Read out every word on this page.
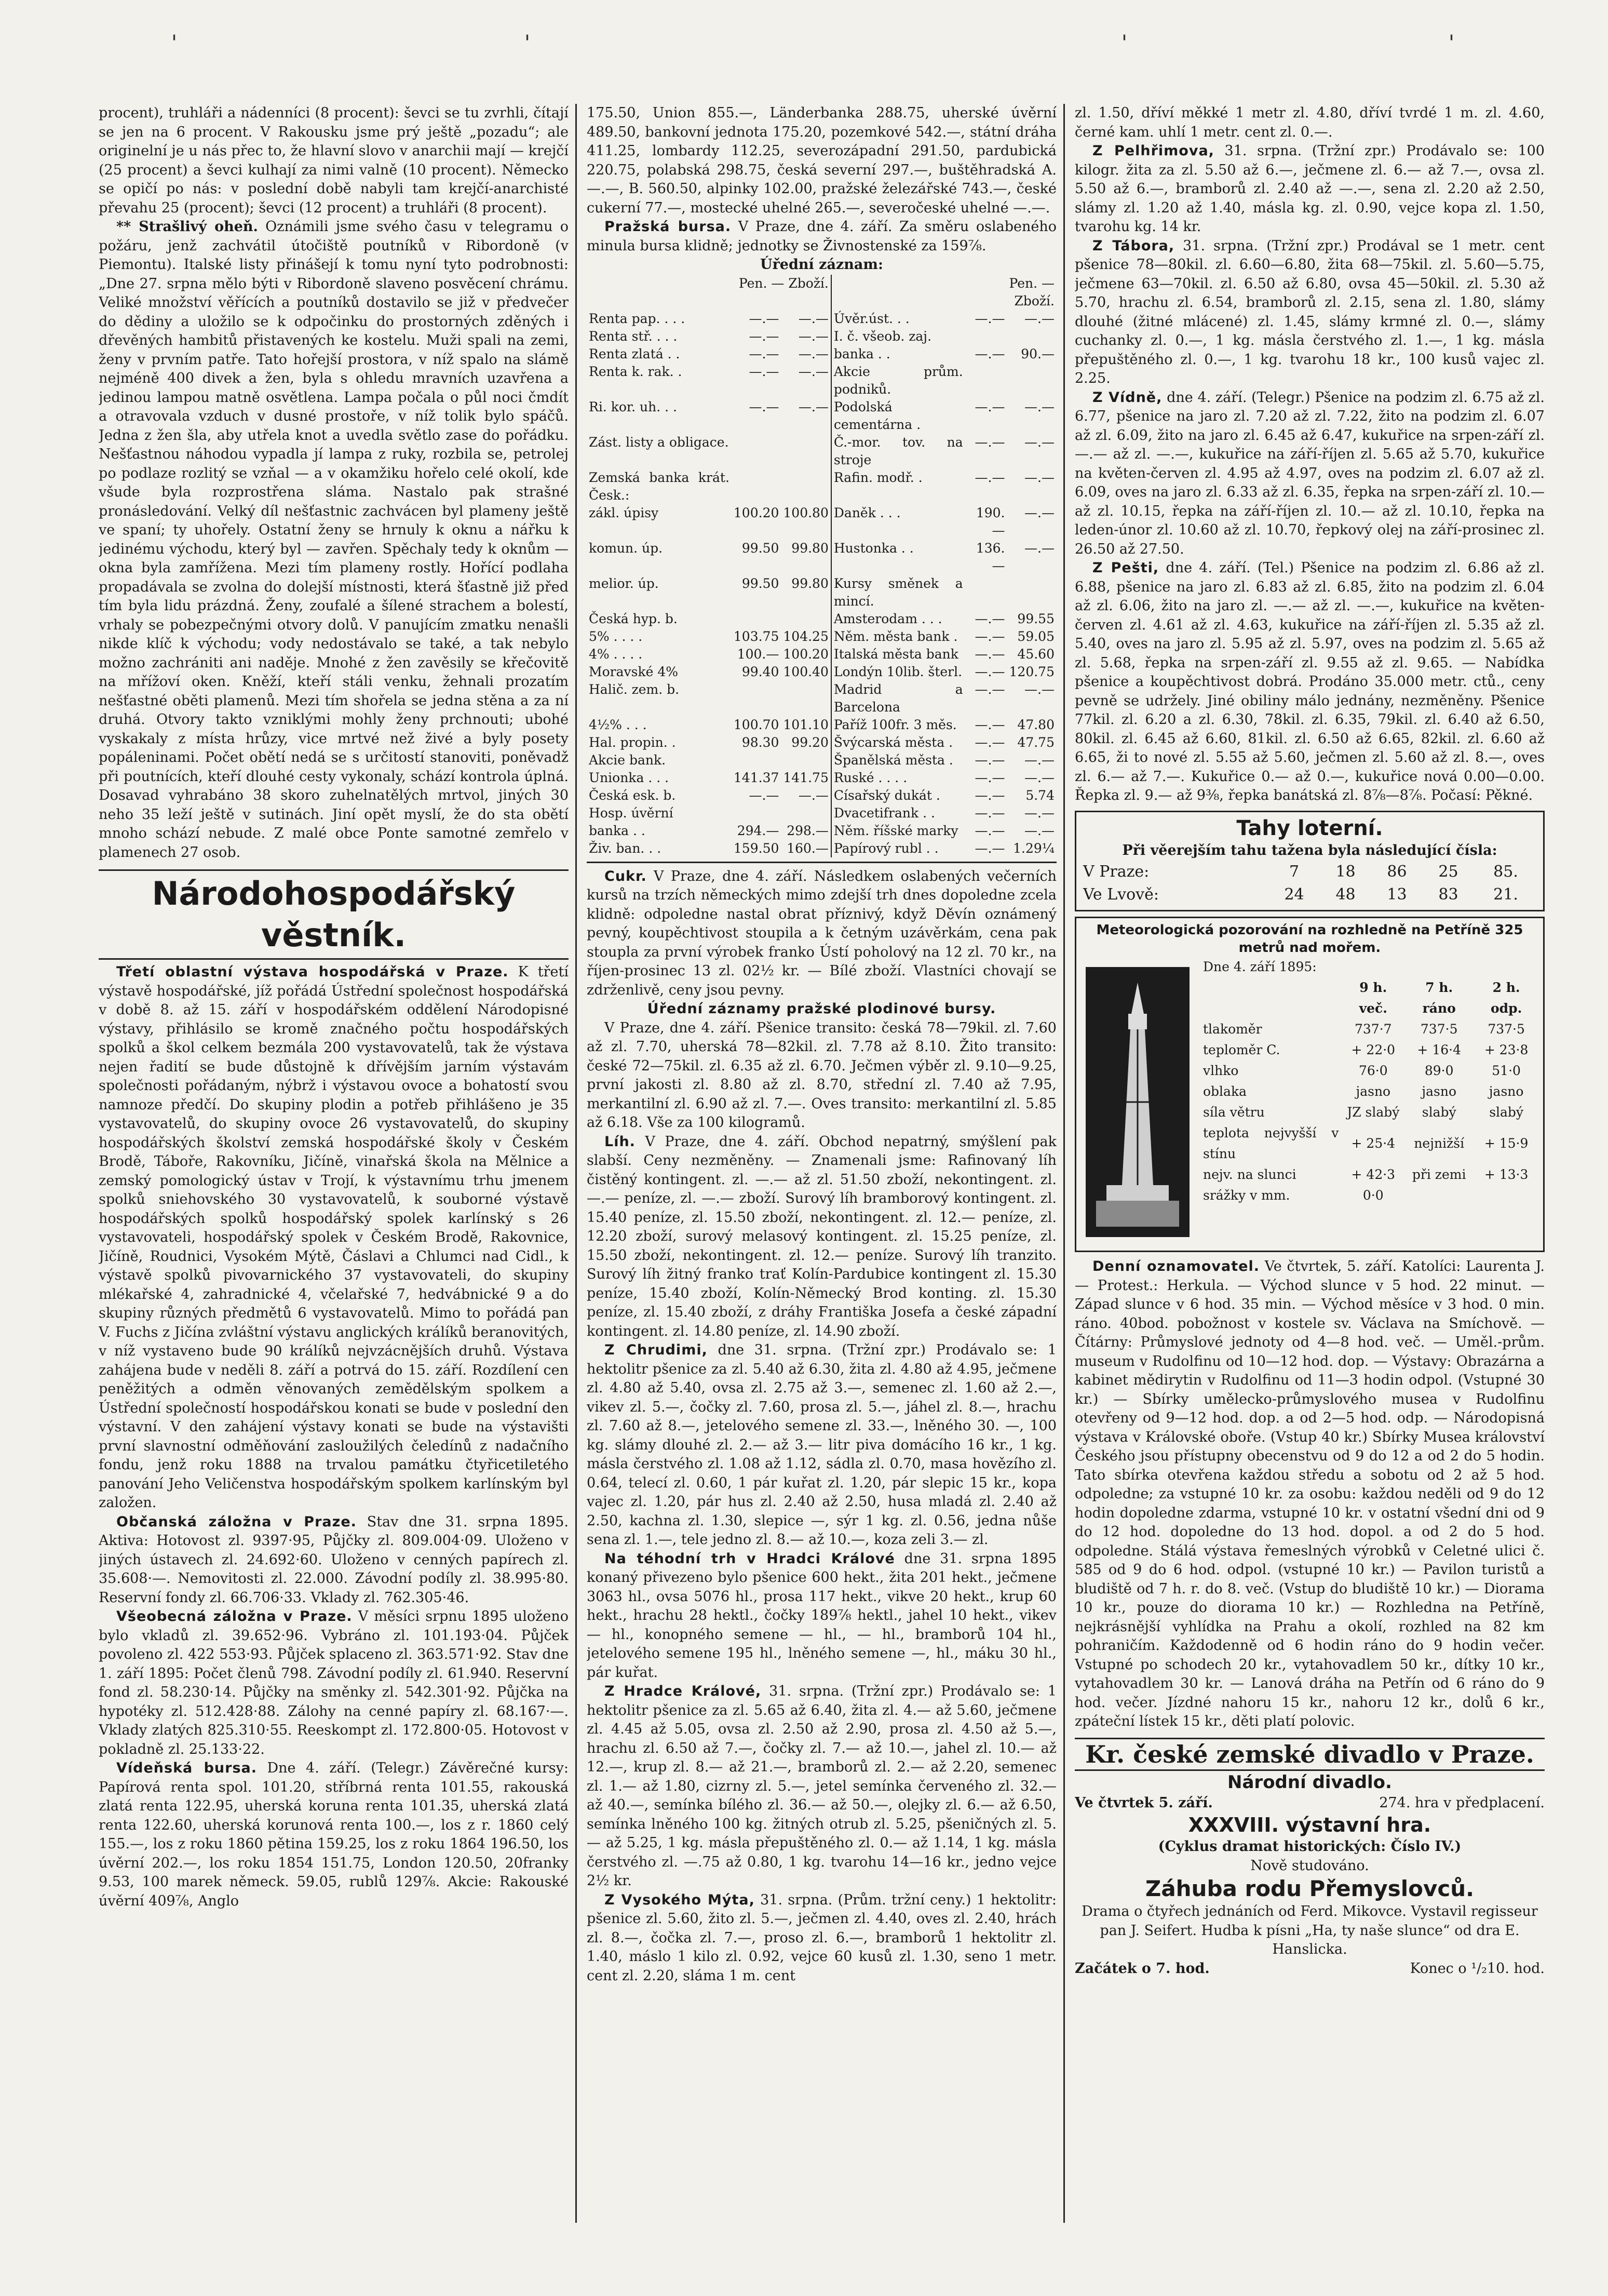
'	'	'	'

procent), truhláři a nádenníci (8 procent): ševci se tu zvrhli, čítají se jen na 6 procent. V Rakousku jsme prý ještě „pozadu“; ale originelní je u nás přec to, že hlavní slovo v anarchii mají — krejčí (25 procent) a ševci kulhají za nimi valně (10 procent). Německo se opičí po nás: v poslední době nabyli tam krejčí-anarchisté převahu 25 (procent); ševci (12 procent) a truhláři (8 procent).

** Strašlivý oheň. Oznámili jsme svého času v telegramu o požáru, jenž zachvátil útočiště poutníků v Ribordoně (v Piemontu). Italské listy přinášejí k tomu nyní tyto podrobnosti: „Dne 27. srpna mělo býti v Ribordoně slaveno posvěcení chrámu. Veliké množství věřících a poutníků dostavilo se již v předvečer do dědiny a uložilo se k odpočinku do prostorných zděných i dřevěných hambitů přistavených ke kostelu. Muži spali na zemi, ženy v prvním patře. Tato hořejší prostora, v níž spalo na slámě nejméně 400 divek a žen, byla s ohledu mravních uzavřena a jedinou lampou matně osvětlena. Lampa počala o půl noci čmdít a otravovala vzduch v dusné prostoře, v níž tolik bylo spáčů. Jedna z žen šla, aby utřela knot a uvedla světlo zase do pořádku. Nešťastnou náhodou vypadla jí lampa z ruky, rozbila se, petrolej po podlaze rozlitý se vzňal — a v okamžiku hořelo celé okolí, kde všude byla rozprostřena sláma. Nastalo pak strašné pronásledování. Velký díl nešťastnic zachvácen byl plameny ještě ve spaní; ty uhořely. Ostatní ženy se hrnuly k oknu a nářku k jedinému východu, který byl — zavřen. Spěchaly tedy k oknům — okna byla zamřížena. Mezi tím plameny rostly. Hořící podlaha propadávala se zvolna do dolejší místnosti, která šťastně již před tím byla lidu prázdná. Ženy, zoufalé a šílené strachem a bolestí, vrhaly se pobezpečnými otvory dolů. V panujícím zmatku nenašli nikde klíč k východu; vody nedostávalo se také, a tak nebylo možno zachrániti ani naděje. Mnohé z žen zavěsily se křečovitě na mřížoví oken. Kněží, kteří stáli venku, žehnali prozatím nešťastné oběti plamenů. Mezi tím shořela se jedna stěna a za ní druhá. Otvory takto vzniklými mohly ženy prchnouti; ubohé vyskakaly z místa hrůzy, vice mrtvé než živé a byly posety popáleninami. Počet obětí nedá se s určitostí stanoviti, poněvadž při poutnících, kteří dlouhé cesty vykonaly, schází kontrola úplná. Dosavad vyhrabáno 38 skoro zuhelnatělých mrtvol, jiných 30 neho 35 leží ještě v sutinách. Jiní opět myslí, že do sta obětí mnoho schází nebude. Z malé obce Ponte samotné zemřelo v plamenech 27 osob.

Národohospodářský věstník.

Třetí oblastní výstava hospodářská v Praze. K třetí výstavě hospodářské, jíž pořádá Ústřední společnost hospodářská v době 8. až 15. září v hospodářském oddělení Národopisné výstavy, přihlásilo se kromě značného počtu hospodářských spolků a škol celkem bezmála 200 vystavovatelů, tak že výstava nejen řadití se bude důstojně k dřívějším jarním výstavám společnosti pořádaným, nýbrž i výstavou ovoce a bohatostí svou namnoze předčí. Do skupiny plodin a potřeb přihlášeno je 35 vystavovatelů, do skupiny ovoce 26 vystavovatelů, do skupiny hospodářských školství zemská hospodářské školy v Českém Brodě, Táboře, Rakovníku, Jičíně, vinařská škola na Mělnice a zemský pomologický ústav v Trojí, k výstavnímu trhu jmenem spolků sniehovského 30 vystavovatelů, k souborné výstavě hospodářských spolků hospodářský spolek karlínský s 26 vystavovateli, hospodářský spolek v Českém Brodě, Rakovnice, Jičíně, Roudnici, Vysokém Mýtě, Čáslavi a Chlumci nad Cidl., k výstavě spolků pivovarnického 37 vystavovateli, do skupiny mlékařské 4, zahradnické 4, včelařské 7, hedvábnické 9 a do skupiny různých předmětů 6 vystavovatelů. Mimo to pořádá pan V. Fuchs z Jičína zvláštní výstavu anglických králíků beranovitých, v níž vystaveno bude 90 králíků nejvzácnějších druhů. Výstava zahájena bude v neděli 8. září a potrvá do 15. září. Rozdílení cen peněžitých a odměn věnovaných zemědělským spolkem a Ústřední společností hospodářskou konati se bude v poslední den výstavní. V den zahájení výstavy konati se bude na výstavišti první slavnostní odměňování zasloužilých čeledínů z nadačního fondu, jenž roku 1888 na trvalou památku čtyřicetiletého panování Jeho Veličenstva hospodářským spolkem karlínským byl založen.

Občanská záložna v Praze. Stav dne 31. srpna 1895. Aktiva: Hotovost zl. 9397·95, Půjčky zl. 809.004·09. Uloženo v jiných ústavech zl. 24.692·60. Uloženo v cenných papírech zl. 35.608·—. Nemovitosti zl. 22.000. Závodní podíly zl. 38.995·80. Reservní fondy zl. 66.706·33. Vklady zl. 762.305·46.

Všeobecná záložna v Praze. V měsíci srpnu 1895 uloženo bylo vkladů zl. 39.652·96. Vybráno zl. 101.193·04. Půjček povoleno zl. 422 553·93. Půjček splaceno zl. 363.571·92. Stav dne 1. září 1895: Počet členů 798. Závodní podíly zl. 61.940. Reservní fond zl. 58.230·14. Půjčky na směnky zl. 542.301·92. Půjčka na hypotéky zl. 512.428·88. Zálohy na cenné papíry zl. 68.167·—. Vklady zlatých 825.310·55. Reeskompt zl. 172.800·05. Hotovost v pokladně zl. 25.133·22.

Vídeňská bursa. Dne 4. září. (Telegr.) Závěrečné kursy: Papírová renta spol. 101.20, stříbrná renta 101.55, rakouská zlatá renta 122.95, uherská koruna renta 101.35, uherská zlatá renta 122.60, uherská korunová renta 100.—, los z r. 1860 celý 155.—, los z roku 1860 pětina 159.25, los z roku 1864 196.50, los úvěrní 202.—, los roku 1854 151.75, London 120.50, 20franky 9.53, 100 marek německ. 59.05, rublů 129⅞. Akcie: Rakouské úvěrní 409⅞, Anglo

175.50, Union 855.—, Länderbanka 288.75, uherské úvěrní 489.50, bankovní jednota 175.20, pozemkové 542.—, státní dráha 411.25, lombardy 112.25, severozápadní 291.50, pardubická 220.75, polabská 298.75, česká severní 297.—, buštěhradská A. —.—, B. 560.50, alpinky 102.00, pražské železářské 743.—, české cukerní 77.—, mostecké uhelné 265.—, severočeské uhelné —.—.

Pražská bursa. V Praze, dne 4. září. Za směru oslabeného minula bursa klidně; jednotky se Živnostenské za 159⅞.

Úřední záznam:
	Pen. — Zboží.			Pen. — Zboží.	
Renta pap. . . .	—.—	—.—	Úvěr.úst. . .	—.—	—.—
Renta stř. . . .	—.—	—.—	I. č. všeob. zaj.		
Renta zlatá . .	—.—	—.—	banka . .	—.—	90.—
Renta k. rak. .	—.—	—.—	Akcie prům. podniků.		
Ri. kor. uh. . .	—.—	—.—	Podolská cementárna .	—.—	—.—
Zást. listy a obligace.			Č.-mor. tov. na stroje	—.—	—.—
Zemská banka krát. Česk.:			Rafin. modř. .	—.—	—.—
zákl. úpisy	100.20	100.80	Daněk . . .	190.—	—.—
komun. úp.	99.50	99.80	Hustonka . .	136.—	—.—
melior. úp.	99.50	99.80	Kursy směnek a mincí.		
Česká hyp. b.			Amsterodam . . .	—.—	99.55
5% . . . .	103.75	104.25	Něm. města bank .	—.—	59.05
4% . . . .	100.—	100.20	Italská města bank	—.—	45.60
Moravské 4%	99.40	100.40	Londýn 10lib. šterl.	—.—	120.75
Halič. zem. b.			Madrid a Barcelona	—.—	—.—
4½% . . .	100.70	101.10	Paříž 100fr. 3 měs.	—.—	47.80
Hal. propin. .	98.30	99.20	Švýcarská města .	—.—	47.75
Akcie bank.			Španělská města .	—.—	—.—
Unionka . . .	141.37	141.75	Ruské . . . .	—.—	—.—
Česká esk. b.	—.—	—.—	Císařský dukát .	—.—	5.74
Hosp. úvěrní			Dvacetifrank . .	—.—	—.—
banka . .	294.—	298.—	Něm. říšské marky	—.—	—.—
Živ. ban. . .	159.50	160.—	Papírový rubl . .	—.—	1.29¼

Cukr. V Praze, dne 4. září. Následkem oslabených večerních kursů na trzích německých mimo zdejší trh dnes dopoledne zcela klidně: odpoledne nastal obrat příznivý, když Děvín oznámený pevný, koupěchtivost stoupila a k četným uzávěrkám, cena pak stoupla za první výrobek franko Ústí poholový na 12 zl. 70 kr., na říjen-prosinec 13 zl. 02½ kr. — Bílé zboží. Vlastníci chovají se zdrženlivě, ceny jsou pevny.

Úřední záznamy pražské plodinové bursy.

V Praze, dne 4. září. Pšenice transito: česká 78—79kil. zl. 7.60 až zl. 7.70, uherská 78—82kil. zl. 7.78 až 8.10. Žito transito: české 72—75kil. zl. 6.35 až zl. 6.70. Ječmen výběr zl. 9.10—9.25, první jakosti zl. 8.80 až zl. 8.70, střední zl. 7.40 až 7.95, merkantilní zl. 6.90 až zl. 7.—. Oves transito: merkantilní zl. 5.85 až 6.18. Vše za 100 kilogramů.

Líh. V Praze, dne 4. září. Obchod nepatrný, smýšlení pak slabší. Ceny nezměněny. — Znamenali jsme: Rafinovaný líh čistěný kontingent. zl. —.— až zl. 51.50 zboží, nekontingent. zl. —.— peníze, zl. —.— zboží. Surový líh bramborový kontingent. zl. 15.40 peníze, zl. 15.50 zboží, nekontingent. zl. 12.— peníze, zl. 12.20 zboží, surový melasový kontingent. zl. 15.25 peníze, zl. 15.50 zboží, nekontingent. zl. 12.— peníze. Surový líh tranzito. Surový líh žitný franko trať Kolín-Pardubice kontingent zl. 15.30 peníze, 15.40 zboží, Kolín-Německý Brod konting. zl. 15.30 peníze, zl. 15.40 zboží, z dráhy Františka Josefa a české západní kontingent. zl. 14.80 peníze, zl. 14.90 zboží.

Z Chrudimi, dne 31. srpna. (Tržní zpr.) Prodávalo se: 1 hektolitr pšenice za zl. 5.40 až 6.30, žita zl. 4.80 až 4.95, ječmene zl. 4.80 až 5.40, ovsa zl. 2.75 až 3.—, semenec zl. 1.60 až 2.—, vikev zl. 5.—, čočky zl. 7.60, prosa zl. 5.—, jáhel zl. 8.—, hrachu zl. 7.60 až 8.—, jetelového semene zl. 33.—, lněného 30. —, 100 kg. slámy dlouhé zl. 2.— až 3.— litr piva domácího 16 kr., 1 kg. másla čerstvého zl. 1.08 až 1.12, sádla zl. 0.70, masa hovězího zl. 0.64, telecí zl. 0.60, 1 pár kuřat zl. 1.20, pár slepic 15 kr., kopa vajec zl. 1.20, pár hus zl. 2.40 až 2.50, husa mladá zl. 2.40 až 2.50, kachna zl. 1.30, slepice —, sýr 1 kg. zl. 0.56, jedna nůše sena zl. 1.—, tele jedno zl. 8.— až 10.—, koza zeli 3.— zl.

Na téhodní trh v Hradci Králové dne 31. srpna 1895 konaný přivezeno bylo pšenice 600 hekt., žita 201 hekt., ječmene 3063 hl., ovsa 5076 hl., prosa 117 hekt., vikve 20 hekt., krup 60 hekt., hrachu 28 hektl., čočky 189⅞ hektl., jahel 10 hekt., vikev — hl., konopného semene — hl., — hl., bramborů 104 hl., jetelového semene 195 hl., lněného semene —, hl., máku 30 hl., pár kuřat.

Z Hradce Králové, 31. srpna. (Tržní zpr.) Prodávalo se: 1 hektolitr pšenice za zl. 5.65 až 6.40, žita zl. 4.— až 5.60, ječmene zl. 4.45 až 5.05, ovsa zl. 2.50 až 2.90, prosa zl. 4.50 až 5.—, hrachu zl. 6.50 až 7.—, čočky zl. 7.— až 10.—, jahel zl. 10.— až 12.—, krup zl. 8.— až 21.—, bramborů zl. 2.— až 2.20, semenec zl. 1.— až 1.80, cizrny zl. 5.—, jetel semínka červeného zl. 32.— až 40.—, semínka bílého zl. 36.— až 50.—, olejky zl. 6.— až 6.50, semínka lněného 100 kg. žitných otrub zl. 5.25, pšeničných zl. 5.— až 5.25, 1 kg. másla přepuštěného zl. 0.— až 1.14, 1 kg. másla čerstvého zl. —.75 až 0.80, 1 kg. tvarohu 14—16 kr., jedno vejce 2½ kr.

Z Vysokého Mýta, 31. srpna. (Prům. tržní ceny.) 1 hektolitr: pšenice zl. 5.60, žito zl. 5.—, ječmen zl. 4.40, oves zl. 2.40, hrách zl. 8.—, čočka zl. 7.—, proso zl. 6.—, bramborů 1 hektolitr zl. 1.40, máslo 1 kilo zl. 0.92, vejce 60 kusů zl. 1.30, seno 1 metr. cent zl. 2.20, sláma 1 m. cent

zl. 1.50, dříví měkké 1 metr zl. 4.80, dříví tvrdé 1 m. zl. 4.60, černé kam. uhlí 1 metr. cent zl. 0.—.

Z Pelhřimova, 31. srpna. (Tržní zpr.) Prodávalo se: 100 kilogr. žita za zl. 5.50 až 6.—, ječmene zl. 6.— až 7.—, ovsa zl. 5.50 až 6.—, bramborů zl. 2.40 až —.—, sena zl. 2.20 až 2.50, slámy zl. 1.20 až 1.40, másla kg. zl. 0.90, vejce kopa zl. 1.50, tvarohu kg. 14 kr.

Z Tábora, 31. srpna. (Tržní zpr.) Prodával se 1 metr. cent pšenice 78—80kil. zl. 6.60—6.80, žita 68—75kil. zl. 5.60—5.75, ječmene 63—70kil. zl. 6.50 až 6.80, ovsa 45—50kil. zl. 5.30 až 5.70, hrachu zl. 6.54, bramborů zl. 2.15, sena zl. 1.80, slámy dlouhé (žitné mlácené) zl. 1.45, slámy krmné zl. 0.—, slámy cuchanky zl. 0.—, 1 kg. másla čerstvého zl. 1.—, 1 kg. másla přepuštěného zl. 0.—, 1 kg. tvarohu 18 kr., 100 kusů vajec zl. 2.25.

Z Vídně, dne 4. září. (Telegr.) Pšenice na podzim zl. 6.75 až zl. 6.77, pšenice na jaro zl. 7.20 až zl. 7.22, žito na podzim zl. 6.07 až zl. 6.09, žito na jaro zl. 6.45 až 6.47, kukuřice na srpen-září zl. —.— až zl. —.—, kukuřice na září-říjen zl. 5.65 až 5.70, kukuřice na květen-červen zl. 4.95 až 4.97, oves na podzim zl. 6.07 až zl. 6.09, oves na jaro zl. 6.33 až zl. 6.35, řepka na srpen-září zl. 10.— až zl. 10.15, řepka na září-říjen zl. 10.— až zl. 10.10, řepka na leden-únor zl. 10.60 až zl. 10.70, řepkový olej na září-prosinec zl. 26.50 až 27.50.

Z Pešti, dne 4. září. (Tel.) Pšenice na podzim zl. 6.86 až zl. 6.88, pšenice na jaro zl. 6.83 až zl. 6.85, žito na podzim zl. 6.04 až zl. 6.06, žito na jaro zl. —.— až zl. —.—, kukuřice na květen-červen zl. 4.61 až zl. 4.63, kukuřice na září-říjen zl. 5.35 až zl. 5.40, oves na jaro zl. 5.95 až zl. 5.97, oves na podzim zl. 5.65 až zl. 5.68, řepka na srpen-září zl. 9.55 až zl. 9.65. — Nabídka pšenice a koupěchtivost dobrá. Prodáno 35.000 metr. ctů., ceny pevně se udržely. Jiné obiliny málo jednány, nezměněny. Pšenice 77kil. zl. 6.20 a zl. 6.30, 78kil. zl. 6.35, 79kil. zl. 6.40 až 6.50, 80kil. zl. 6.45 až 6.60, 81kil. zl. 6.50 až 6.65, 82kil. zl. 6.60 až 6.65, ži to nové zl. 5.55 až 5.60, ječmen zl. 5.60 až zl. 8.—, oves zl. 6.— až 7.—. Kukuřice 0.— až 0.—, kukuřice nová 0.00—0.00. Řepka zl. 9.— až 9⅜, řepka banátská zl. 8⅞—8⅞. Počasí: Pěkné.

Tahy loterní.
Při věerejším tahu tažena byla následující čísla:
V Praze:	7	18	86	25	85.
Ve Lvově:	24	48	13	83	21.
Meteorologická pozorování na rozhledně na Petříně 325 metrů nad mořem.
Dne 4. září 1895:			
	9 h. več.	7 h. ráno	2 h. odp.
tlakoměr	737·7	737·5	737·5
teploměr C.	+ 22·0	+ 16·4	+ 23·8
vlhko	76·0	89·0	51·0
oblaka	jasno	jasno	jasno
síla větru	JZ slabý	slabý	slabý
teplota nejvyšší v stínu	+ 25·4	nejnižší	+ 15·9
nejv. na slunci	+ 42·3	při zemi	+ 13·3
srážky v mm.	0·0		

Denní oznamovatel. Ve čtvrtek, 5. září. Katolíci: Laurenta J. — Protest.: Herkula. — Východ slunce v 5 hod. 22 minut. — Západ slunce v 6 hod. 35 min. — Východ měsíce v 3 hod. 0 min. ráno. 40bod. pobožnost v kostele sv. Václava na Smíchově. — Čítárny: Průmyslové jednoty od 4—8 hod. več. — Uměl.-prům. museum v Rudolfinu od 10—12 hod. dop. — Výstavy: Obrazárna a kabinet mědirytin v Rudolfinu od 11—3 hodin odpol. (Vstupné 30 kr.) — Sbírky umělecko-průmyslového musea v Rudolfinu otevřeny od 9—12 hod. dop. a od 2—5 hod. odp. — Národopisná výstava v Královské oboře. (Vstup 40 kr.) Sbírky Musea království Českého jsou přístupny obecenstvu od 9 do 12 a od 2 do 5 hodin. Tato sbírka otevřena každou středu a sobotu od 2 až 5 hod. odpoledne; za vstupné 10 kr. za osobu: každou neděli od 9 do 12 hodin dopoledne zdarma, vstupné 10 kr. v ostatní všední dni od 9 do 12 hod. dopoledne do 13 hod. dopol. a od 2 do 5 hod. odpoledne. Stálá výstava řemeslných výrobků v Celetné ulici č. 585 od 9 do 6 hod. odpol. (vstupné 10 kr.) — Pavilon turistů a bludiště od 7 h. r. do 8. več. (Vstup do bludiště 10 kr.) — Diorama 10 kr., pouze do diorama 10 kr.) — Rozhledna na Petříně, nejkrásnější vyhlídka na Prahu a okolí, rozhled na 82 km pohraničím. Každodenně od 6 hodin ráno do 9 hodin večer. Vstupné po schodech 20 kr., vytahovadlem 50 kr., dítky 10 kr., vytahovadlem 30 kr. — Lanová dráha na Petřín od 6 ráno do 9 hod. večer. Jízdné nahoru 15 kr., nahoru 12 kr., dolů 6 kr., zpáteční lístek 15 kr., děti platí polovic.

Kr. české zemské divadlo v Praze.
Národní divadlo.
Ve čtvrtek 5. září.	274. hra v předplacení.
XXXVIII. výstavní hra.
(Cyklus dramat historických: Číslo IV.)
Nově studováno.
Záhuba rodu Přemyslovců.

Drama o čtyřech jednáních od Ferd. Mikovce. Vystavil regisseur pan J. Seifert. Hudba k písni „Ha, ty naše slunce“ od dra E. Hanslicka.

Začátek o 7. hod.	Konec o ¹/₂10. hod.
